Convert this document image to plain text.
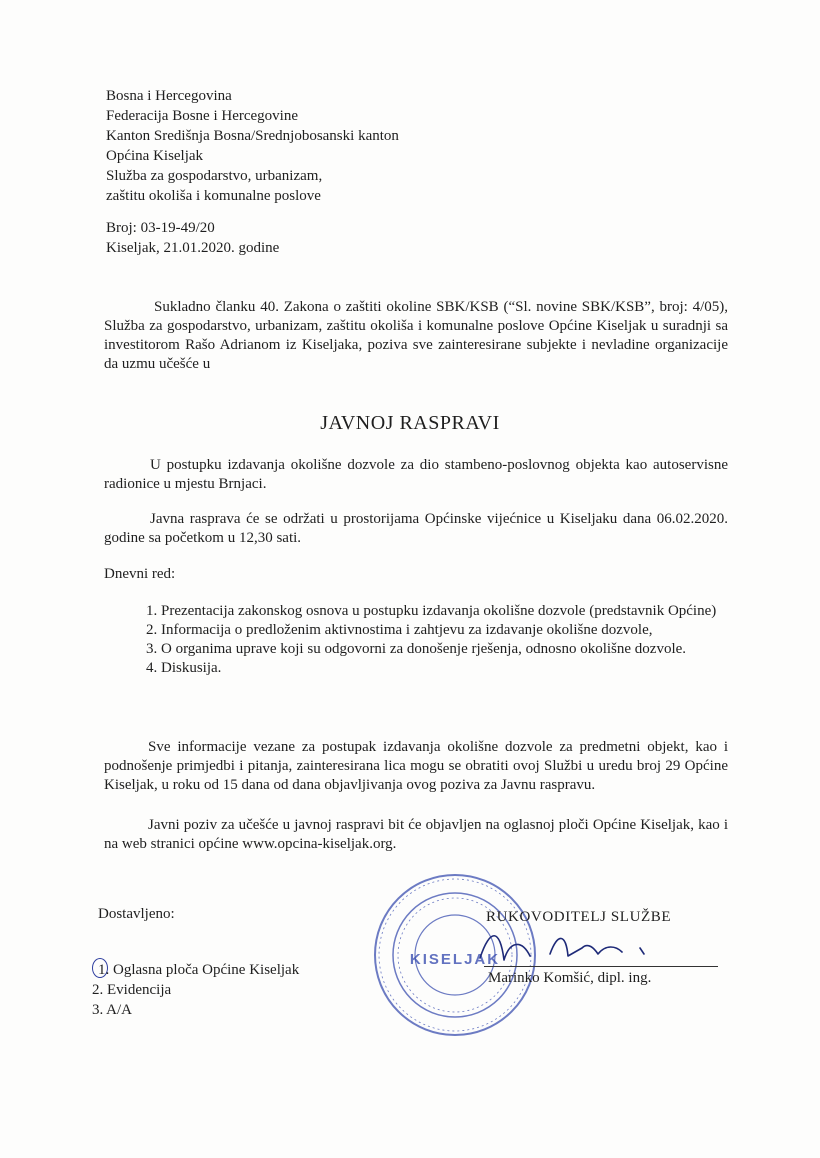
Bosna i Hercegovina
Federacija Bosne i Hercegovine
Kanton Središnja Bosna/Srednjobosanski kanton
Općina Kiseljak
Služba za gospodarstvo, urbanizam,
zaštitu okoliša i komunalne poslove
Broj: 03-19-49/20
Kiseljak, 21.01.2020. godine
Sukladno članku 40. Zakona o zaštiti okoline SBK/KSB (“Sl. novine SBK/KSB”, broj: 4/05), Služba za gospodarstvo, urbanizam, zaštitu okoliša i komunalne poslove Općine Kiseljak u suradnji sa investitorom Rašo Adrianom iz Kiseljaka, poziva sve zainteresirane subjekte i nevladine organizacije da uzmu učešće u
JAVNOJ RASPRAVI
U postupku izdavanja okolišne dozvole za dio stambeno-poslovnog objekta kao autoservisne radionice u mjestu Brnjaci.
Javna rasprava će se održati u prostorijama Općinske vijećnice u Kiseljaku dana 06.02.2020. godine sa početkom u 12,30 sati.
Dnevni red:
1. Prezentacija zakonskog osnova u postupku izdavanja okolišne dozvole (predstavnik Općine)
2. Informacija o predloženim aktivnostima i zahtjevu za izdavanje okolišne dozvole,
3. O organima uprave koji su odgovorni za donošenje rješenja, odnosno okolišne dozvole.
4. Diskusija.
Sve informacije vezane za postupak izdavanja okolišne dozvole za predmetni objekt, kao i podnošenje primjedbi i pitanja, zainteresirana lica mogu se obratiti ovoj Službi u uredu broj 29 Općine Kiseljak, u roku od 15 dana od dana objavljivanja ovog poziva za Javnu raspravu.
Javni poziv za učešće u javnoj raspravi bit će objavljen na oglasnoj ploči Općine Kiseljak, kao i na web stranici općine www.opcina-kiseljak.org.
Dostavljeno:
1. Oglasna ploča Općine Kiseljak
2. Evidencija
3. A/A
KISELJAK
RUKOVODITELJ SLUŽBE
Marinko Komšić, dipl. ing.
